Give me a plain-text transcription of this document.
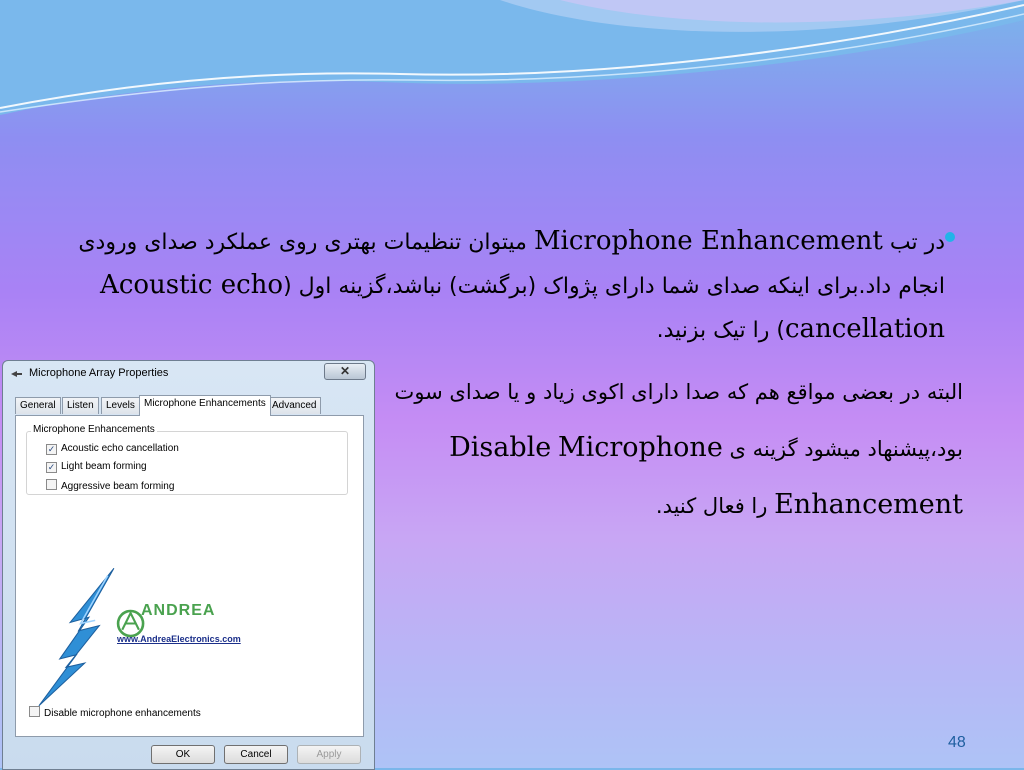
در تب Microphone Enhancement میتوان تنظیمات بهتری روی عملکرد صدای ورودی انجام داد.برای اینکه صدای شما دارای پژواک (برگشت) نباشد،گزینه اول (Acoustic echo cancellation) را تیک بزنید.
البته در بعضی مواقع هم که صدا دارای اکوی زیاد و یا صدای سوت بود،پیشنهاد میشود گزینه ی Disable Microphone Enhancement را فعال کنید.
48
Microphone Array Properties	✕
General	Listen	Levels Microphone Enhancements Advanced
Microphone Enhancements
✓ Acoustic echo cancellation
✓ Light beam forming
Aggressive beam forming
ANDREA
www.AndreaElectronics.com
Disable microphone enhancements
OK	Cancel	Apply
